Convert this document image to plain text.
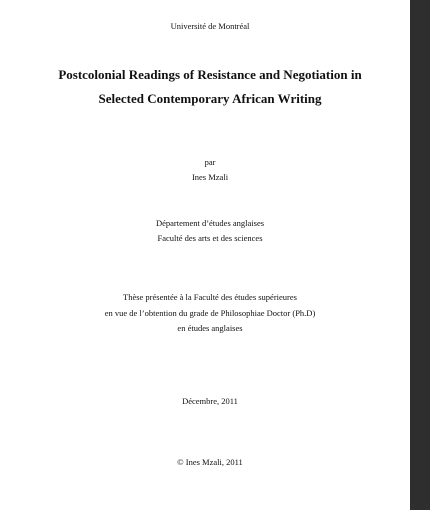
Université de Montréal
Postcolonial Readings of Resistance and Negotiation in
Selected Contemporary African Writing
par
Ines Mzali
Département d’études anglaises
Faculté des arts et des sciences
Thèse présentée à la Faculté des études supérieures
en vue de l’obtention du grade de Philosophiae Doctor (Ph.D)
en études anglaises
Décembre, 2011
© Ines Mzali, 2011
